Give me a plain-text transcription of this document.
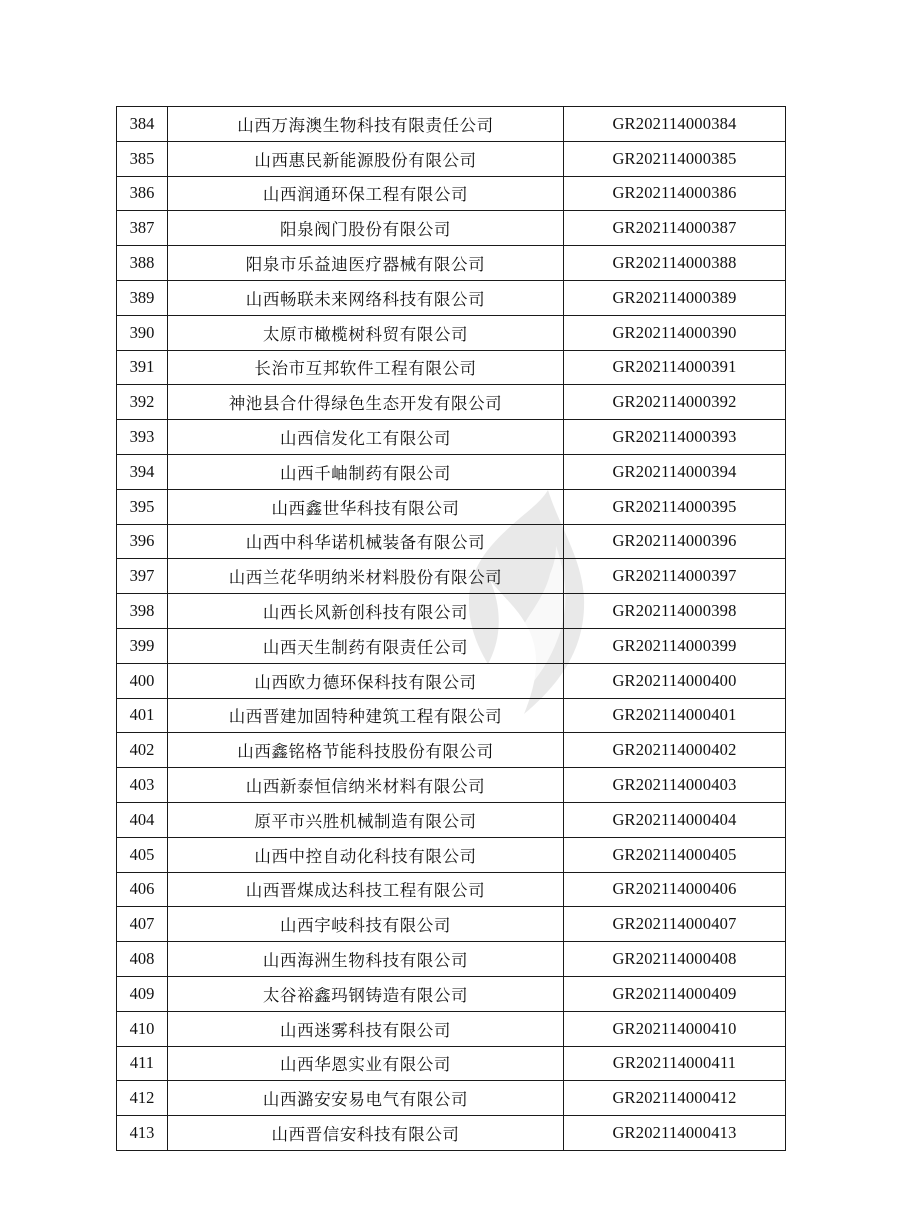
384	山西万海澳生物科技有限责任公司	GR202114000384
385	山西惠民新能源股份有限公司	GR202114000385
386	山西润通环保工程有限公司	GR202114000386
387	阳泉阀门股份有限公司	GR202114000387
388	阳泉市乐益迪医疗器械有限公司	GR202114000388
389	山西畅联未来网络科技有限公司	GR202114000389
390	太原市橄榄树科贸有限公司	GR202114000390
391	长治市互邦软件工程有限公司	GR202114000391
392	神池县合什得绿色生态开发有限公司	GR202114000392
393	山西信发化工有限公司	GR202114000393
394	山西千岫制药有限公司	GR202114000394
395	山西鑫世华科技有限公司	GR202114000395
396	山西中科华诺机械装备有限公司	GR202114000396
397	山西兰花华明纳米材料股份有限公司	GR202114000397
398	山西长风新创科技有限公司	GR202114000398
399	山西天生制药有限责任公司	GR202114000399
400	山西欧力德环保科技有限公司	GR202114000400
401	山西晋建加固特种建筑工程有限公司	GR202114000401
402	山西鑫铭格节能科技股份有限公司	GR202114000402
403	山西新泰恒信纳米材料有限公司	GR202114000403
404	原平市兴胜机械制造有限公司	GR202114000404
405	山西中控自动化科技有限公司	GR202114000405
406	山西晋煤成达科技工程有限公司	GR202114000406
407	山西宇岐科技有限公司	GR202114000407
408	山西海洲生物科技有限公司	GR202114000408
409	太谷裕鑫玛钢铸造有限公司	GR202114000409
410	山西迷雾科技有限公司	GR202114000410
411	山西华恩实业有限公司	GR202114000411
412	山西潞安安易电气有限公司	GR202114000412
413	山西晋信安科技有限公司	GR202114000413
